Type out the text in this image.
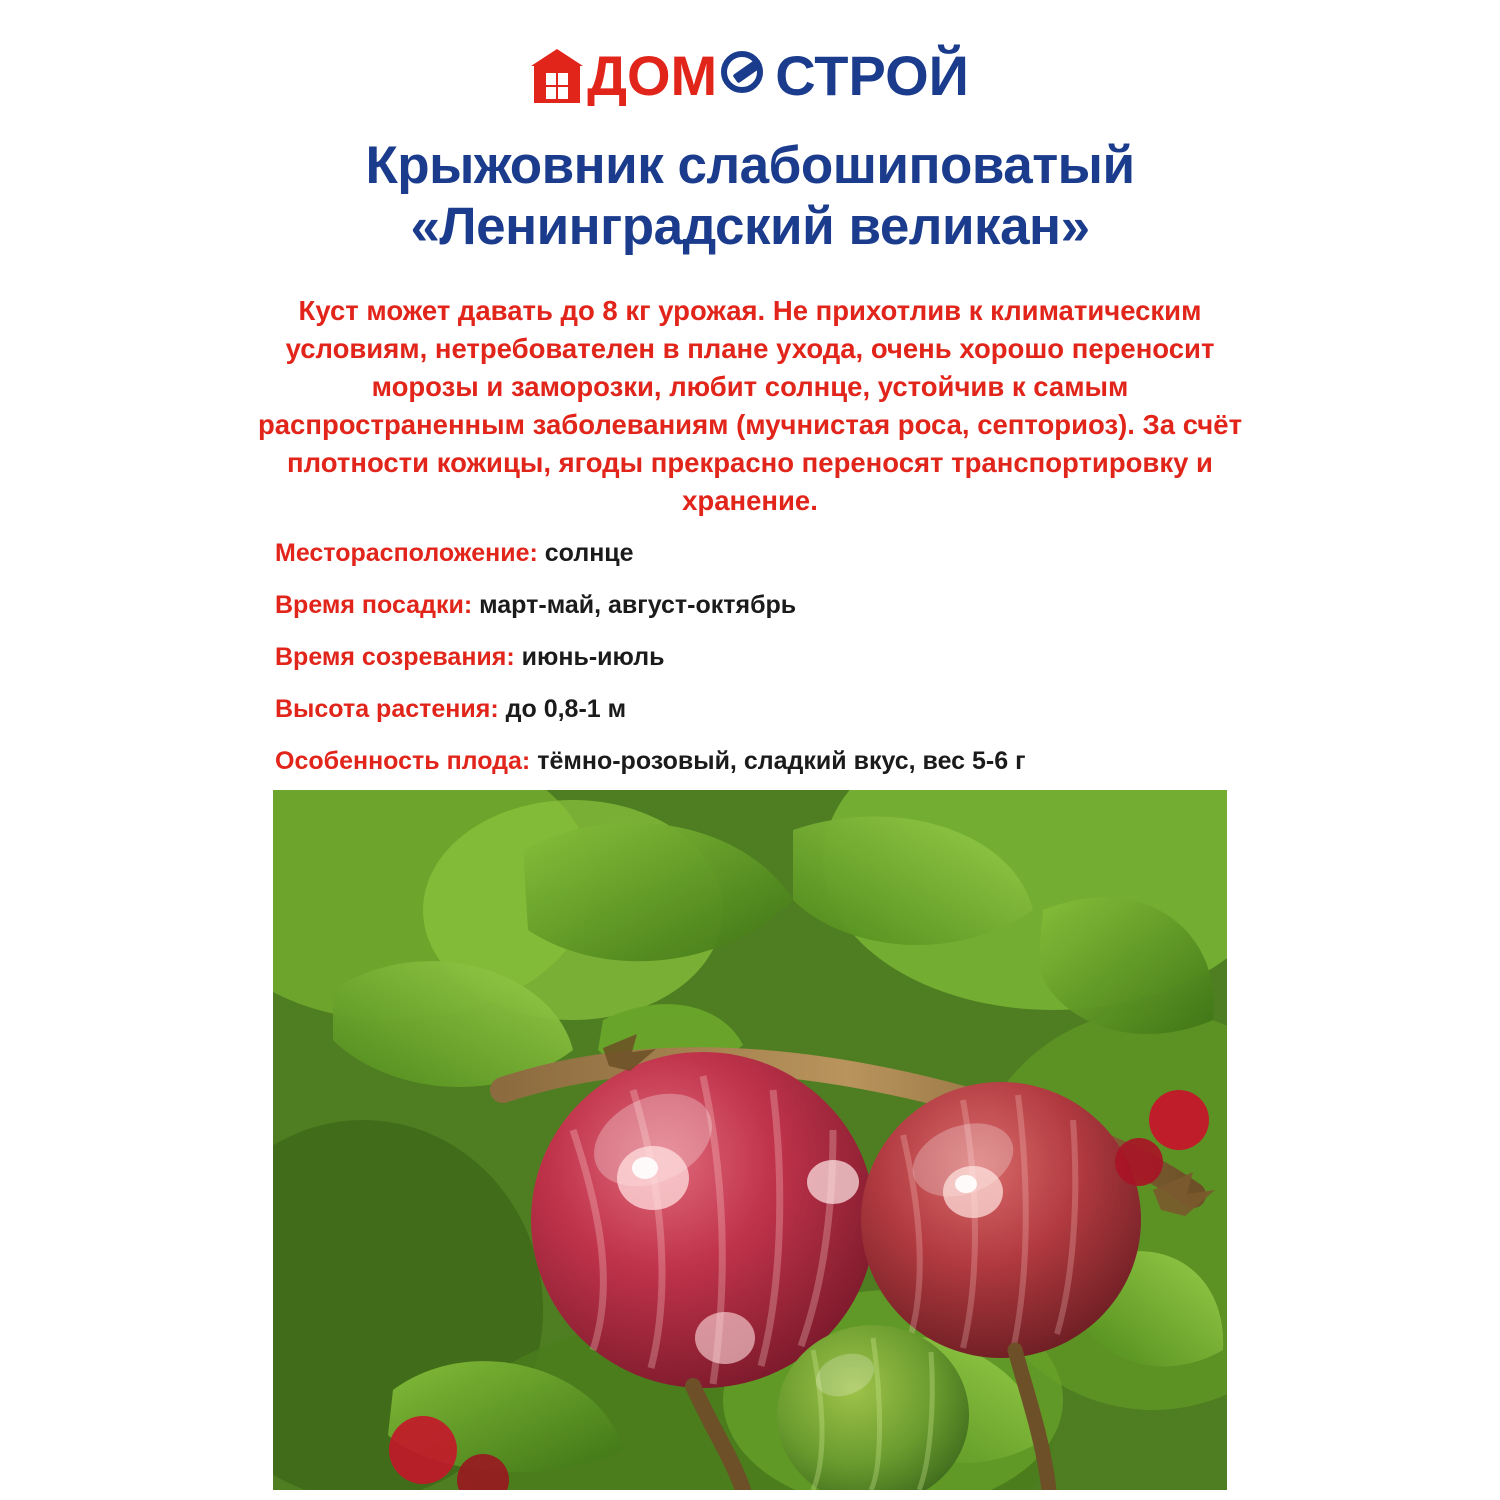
ДОМ СТРОЙ
Крыжовник слабошиповатый
«Ленинградский великан»
Куст может давать до 8 кг урожая. Не прихотлив к климатическим условиям, нетребователен в плане ухода, очень хорошо переносит морозы и заморозки, любит солнце, устойчив к самым распространенным заболеваниям (мучнистая роса, септориоз). За счёт плотности кожицы, ягоды прекрасно переносят транспортировку и хранение.
Месторасположение: солнце
Время посадки: март-май, август-октябрь
Время созревания: июнь-июль
Высота растения: до 0,8-1 м
Особенность плода: тёмно-розовый, сладкий вкус, вес 5-6 г
